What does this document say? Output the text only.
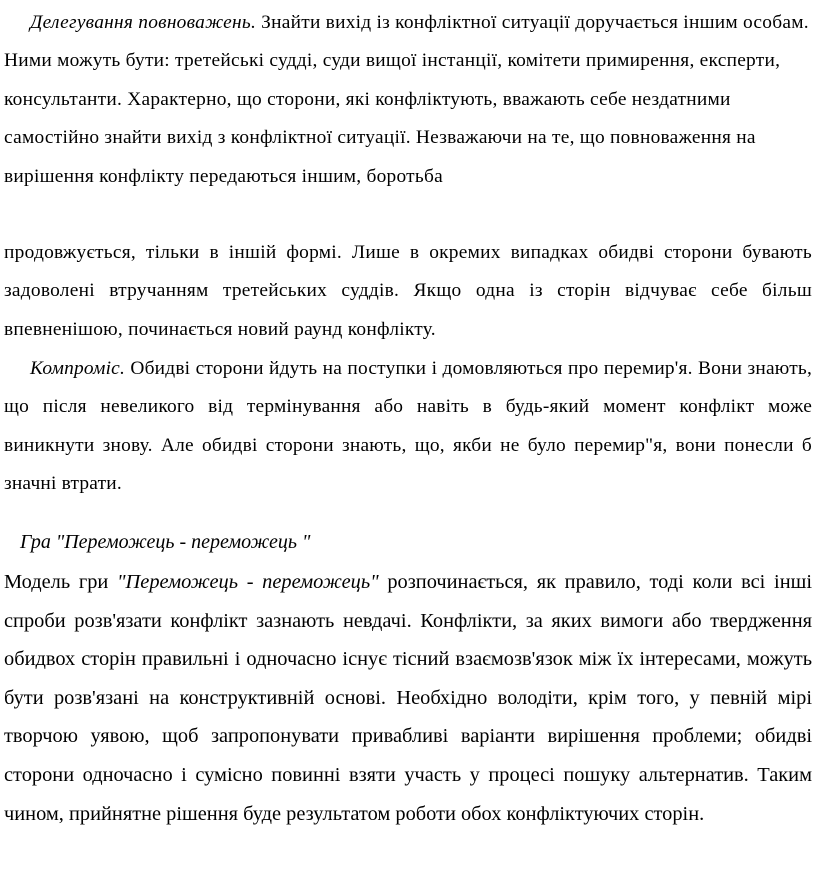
Делегування повноважень. Знайти вихід із конфліктної ситуації доручається іншим особам. Ними можуть бути: третейські судді, суди вищої інстанції, комітети примирення, експерти, консультанти. Характерно, що сторони, які конфліктують, вважають себе нездатними самостійно знайти вихід з конфліктної ситуації. Незважаючи на те, що повноваження на вирішення конфлікту передаються іншим, боротьба

продовжується, тільки в іншій формі. Лише в окремих випадках обидві сторони бувають задоволені втручанням третейських суддів. Якщо одна із сторін відчуває себе більш впевненішою, починається новий раунд конфлікту.

Компроміс. Обидві сторони йдуть на поступки і домовляються про перемир'я. Вони знають, що після невеликого від термінування або навіть в будь-який момент конфлікт може виникнути знову. Але обидві сторони знають, що, якби не було перемир"я, вони понесли б значні втрати.

Гра "Переможець - переможець "

Модель гри "Переможець - переможець" розпочинається, як правило, тоді коли всі інші спроби розв'язати конфлікт зазнають невдачі. Конфлікти, за яких вимоги або твердження обидвох сторін правильні і одночасно існує тісний взаємозв'язок між їх інтересами, можуть бути розв'язані на конструктивній основі. Необхідно володіти, крім того, у певній мірі творчою уявою, щоб запропонувати привабливі варіанти вирішення проблеми; обидві сторони одночасно і сумісно повинні взяти участь у процесі пошуку альтернатив. Таким чином, прийнятне рішення буде результатом роботи обох конфліктуючих сторін.
